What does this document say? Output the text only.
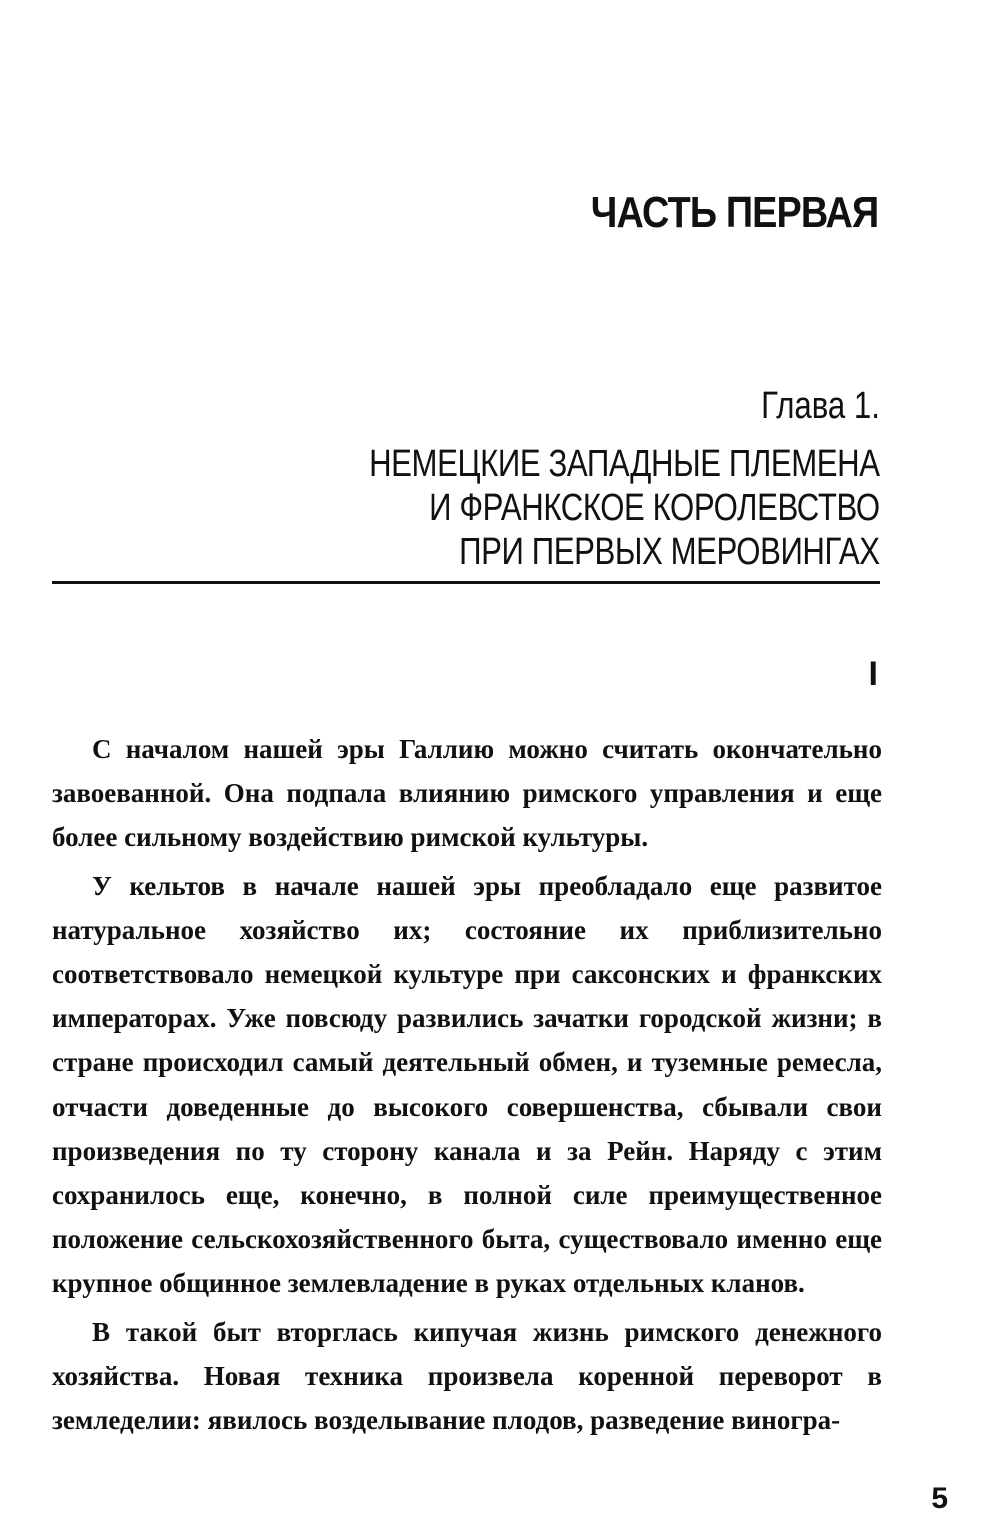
ЧАСТЬ ПЕРВАЯ
Глава 1.
НЕМЕЦКИЕ ЗАПАДНЫЕ ПЛЕМЕНА
И ФРАНКСКОЕ КОРОЛЕВСТВО
ПРИ ПЕРВЫХ МЕРОВИНГАХ
I

С началом нашей эры Галлию можно считать окончательно завоеванной. Она подпала влиянию римского управления и еще более сильному воздействию римской культуры.

У кельтов в начале нашей эры преобладало еще развитое натуральное хозяйство их; состояние их приблизительно соответствовало немецкой культуре при саксонских и франкских императорах. Уже повсюду развились зачатки городской жизни; в стране происходил самый деятельный обмен, и туземные ремесла, отчасти доведенные до высокого совершенства, сбывали свои произведения по ту сторону канала и за Рейн. Наряду с этим сохранилось еще, конечно, в полной силе преимущественное положение сельскохозяйственного быта, существовало именно еще крупное общинное землевладение в руках отдельных кланов.

В такой быт вторглась кипучая жизнь римского денежного хозяйства. Новая техника произвела коренной переворот в земледелии: явилось возделывание плодов, разведение виногра-

5
